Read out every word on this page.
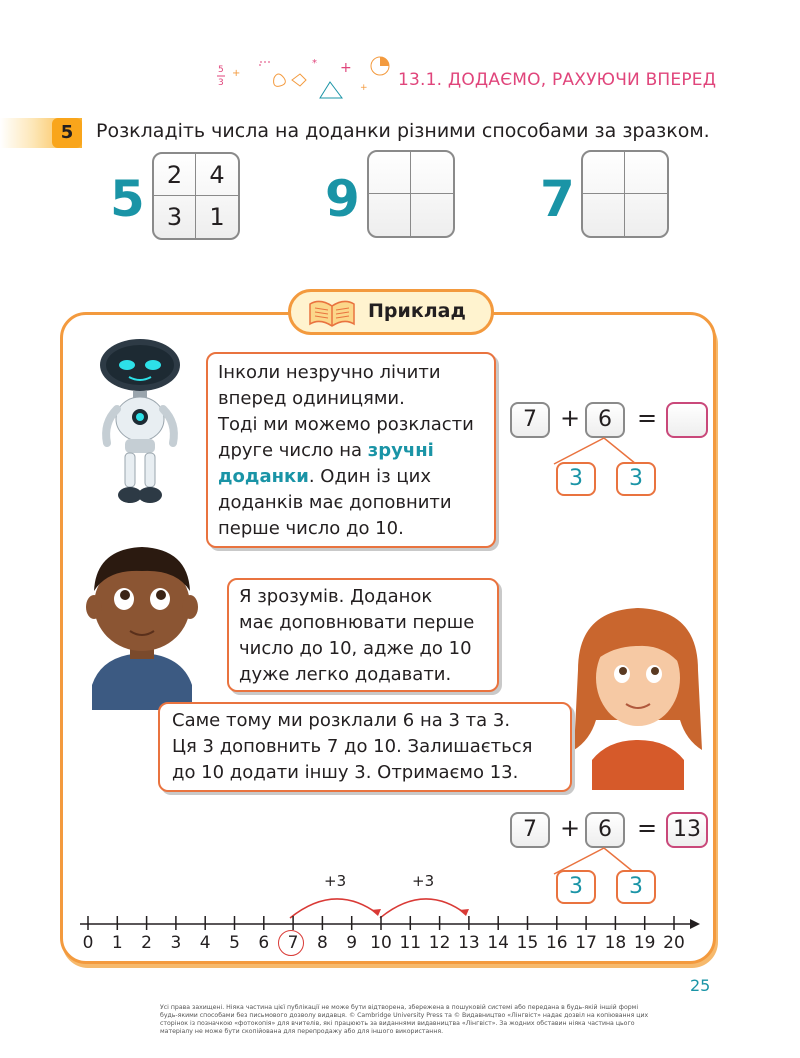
5
3
+
* +
+ 13.1. ДОДАЄМО, РАХУЮЧИ ВПЕРЕД
5	Розкладіть числа на доданки різними способами за зразком.
5 2	4
3	1 9	7
Приклад

Інколи незручно лічити

вперед одиницями.

Тоді ми можемо розкласти

друге число на зручні

доданки. Один із цих

доданків має доповнити

перше число до 10.

7 + 6	=
3	3

Я зрозумів. Доданок

має доповнювати перше

число до 10, адже до 10

дуже легко додавати.

Саме тому ми розклали 6 на 3 та 3.

Ця 3 доповнить 7 до 10. Залишається

до 10 додати іншу 3. Отримаємо 13.

7 + 6	= 13
3	3
0	1	2	3	4	5	6	7	8	9 10 11 12 13 14 15 16 17 18 19 20
+3	+3
25
Усі права захищені. Ніяка частина цієї публікації не може бути відтворена, збережена в пошуковій системі або передана в будь-якій іншій формі будь-якими способами без письмового дозволу видавця. © Cambridge University Press та © Видавництво «Лінгвіст» надає дозвіл на копіювання цих сторінок із позначкою «фотокопія» для вчителів, які працюють за виданнями видавництва «Лінгвіст». За жодних обставин ніяка частина цього матеріалу не може бути скопійована для перепродажу або для іншого використання.
